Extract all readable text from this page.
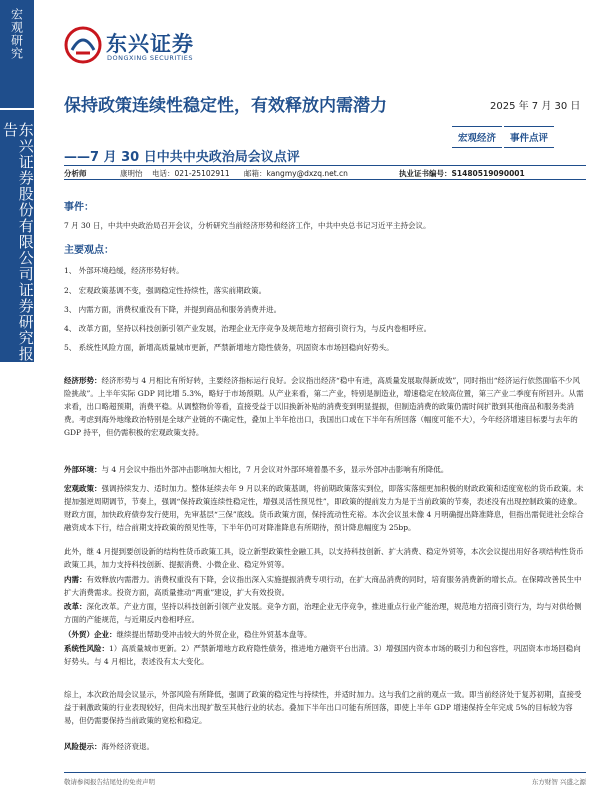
宏观研究
东兴证券股份有限公司证券研究报告
东兴证券
DONGXING SECURITIES
保持政策连续性稳定性，有效释放内需潜力
——7 月 30 日中共中央政治局会议点评
2025 年 7 月 30 日
宏观经济	事件点评
分析师	康明怡	电话：021-25102911	邮箱：kangmy@dxzq.net.cn	执业证书编号：S1480519090001
事件：
7 月 30 日，中共中央政治局召开会议，分析研究当前经济形势和经济工作，中共中央总书记习近平主持会议。
主要观点：
1、 外部环境趋缓，经济形势好转。
2、 宏观政策基调不变，强调稳定性持续性，落实前期政策。
3、 内需方面，消费权重没有下降，并提到商品和服务消费并进。
4、 改革方面，坚持以科技创新引领产业发展，治理企业无序竞争及规范地方招商引资行为，与反内卷相呼应。
5、 系统性风险方面，新增高质量城市更新，严禁新增地方隐性债务，巩固资本市场回稳向好势头。
经济形势：经济形势与 4 月相比有所好转，主要经济指标运行良好。会议指出经济“稳中有进，高质量发展取得新成效”，同时指出“经济运行依然面临不少风险挑战”。上半年实际 GDP 同比增 5.3%，略好于市场预期。从产业来看，第二产业，特别是制造业，增速稳定在较高位置，第三产业二季度有所回升。从需求看，出口略超预期，消费平稳。从调整物价等看，直接受益于以旧换新补贴的消费变到明显提振，但制造消费的政策仍需时间扩散到其他商品和服务类消费。考虑到海外地缘政治特别是全球产业链的不确定性，叠加上半年抢出口，我国出口或在下半年有所回落（幅度可能不大），今年经济增速目标要与去年的 GDP 持平，但仍需积极的宏观政策支持。
外部环境：与 4 月会议中指出外部冲击影响加大相比，7 月会议对外部环境着墨不多，显示外部冲击影响有所降低。
宏观政策：强调持续发力、适时加力。整体延续去年 9 月以来的政策基调，将前期政策落实到位，即落实落细更加积极的财政政策和适度宽松的货币政策。未提加强逆周期调节，节奏上，强调“保持政策连续性稳定性，增强灵活性预见性”，即政策的提前发力为是于当前政策的节奏，表述没有出现控制政策的迹象。财政方面，加快政府债券发行使用，先审基层“三保”底线。货币政策方面，保持流动性充裕。本次会议虽未像 4 月明确提出降准降息，但指出需促进社会综合融资成本下行，结合前期支持政策的预见性等，下半年仍可对降准降息有所期待，预计降息幅度为 25bp。
此外，继 4 月提到要创设新的结构性货币政策工具，设立新型政策性金融工具，以支持科技创新、扩大消费、稳定外贸等，本次会议提出用好各项结构性货币政策工具，加力支持科技创新、提振消费、小微企业、稳定外贸等。
内需：有效释放内需潜力。消费权重没有下降，会议指出深入实施提振消费专项行动，在扩大商品消费的同时，培育服务消费新的增长点。在保障改善民生中扩大消费需求。投资方面，高质量推动“两重”建设，扩大有效投资。
改革：深化改革。产业方面，坚持以科技创新引领产业发展。竞争方面，治理企业无序竞争，推进重点行业产能治理，规范地方招商引资行为，均与对供给侧方面的产能规范，与近期反内卷相呼应。
（外贸）企业：继续提出帮助受冲击较大的外贸企业，稳住外贸基本盘等。
系统性风险：1）高质量城市更新。2）严禁新增地方政府隐性债务，推进地方融资平台出清。3）增强国内资本市场的吸引力和包容性，巩固资本市场回稳向好势头。与 4 月相比，表述没有太大变化。
综上，本次政治局会议显示，外部风险有所降低，强调了政策的稳定性与持续性，并适时加力。这与我们之前的观点一致。即当前经济处于复苏初期，直接受益于刺激政策的行业表现较好，但尚未出现扩散至其他行业的状态。叠加下半年出口可能有所回落，即使上半年 GDP 增速保持全年完成 5%的目标较为容易，但仍需要保持当前政策的宽松和稳定。
风险提示：海外经济衰退。
敬请参阅报告结尾处的免责声明	东方财智 兴盛之源
